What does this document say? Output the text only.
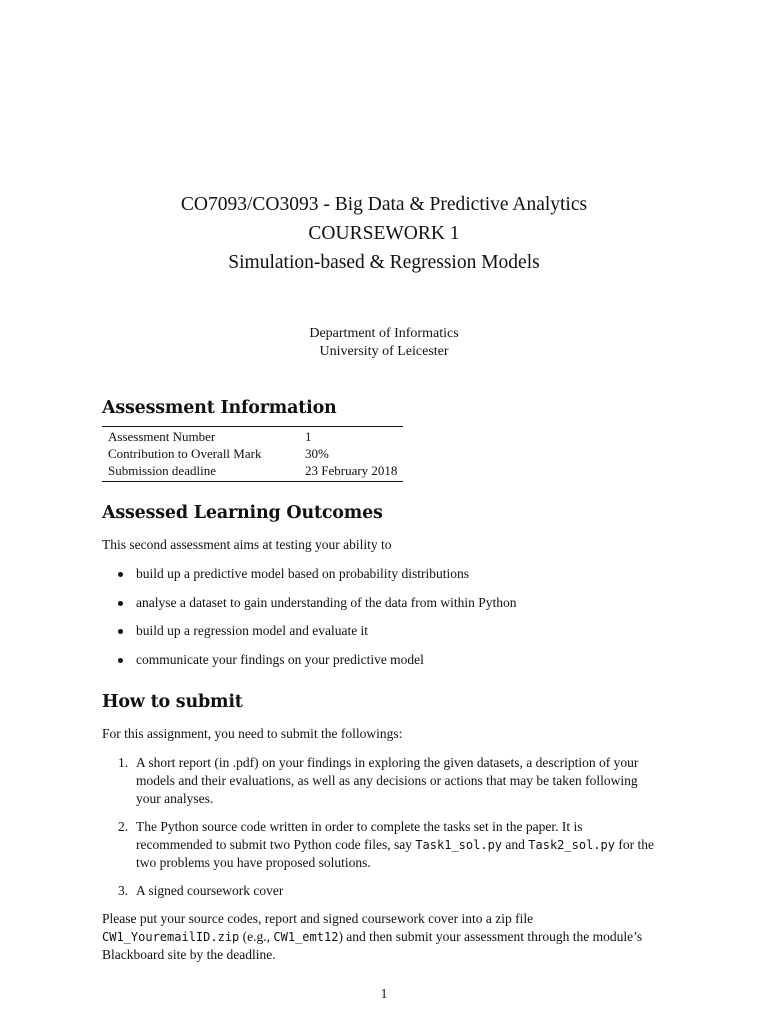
CO7093/CO3093 - Big Data & Predictive Analytics
COURSEWORK 1
Simulation-based & Regression Models
Department of Informatics
University of Leicester
Assessment Information
Assessment Number	1
Contribution to Overall Mark	30%
Submission deadline	23 February 2018
Assessed Learning Outcomes

This second assessment aims at testing your ability to

build up a predictive model based on probability distributions
analyse a dataset to gain understanding of the data from within Python
build up a regression model and evaluate it
communicate your findings on your predictive model
How to submit

For this assignment, you need to submit the followings:

1. A short report (in .pdf) on your findings in exploring the given datasets, a description of your models and their evaluations, as well as any decisions or actions that may be taken following your analyses.
2. The Python source code written in order to complete the tasks set in the paper. It is recommended to submit two Python code files, say Task1_sol.py and Task2_sol.py for the two problems you have proposed solutions.
3. A signed coursework cover

Please put your source codes, report and signed coursework cover into a zip file CW1_YouremailID.zip (e.g., CW1_emt12) and then submit your assessment through the module’s Blackboard site by the deadline.

1
